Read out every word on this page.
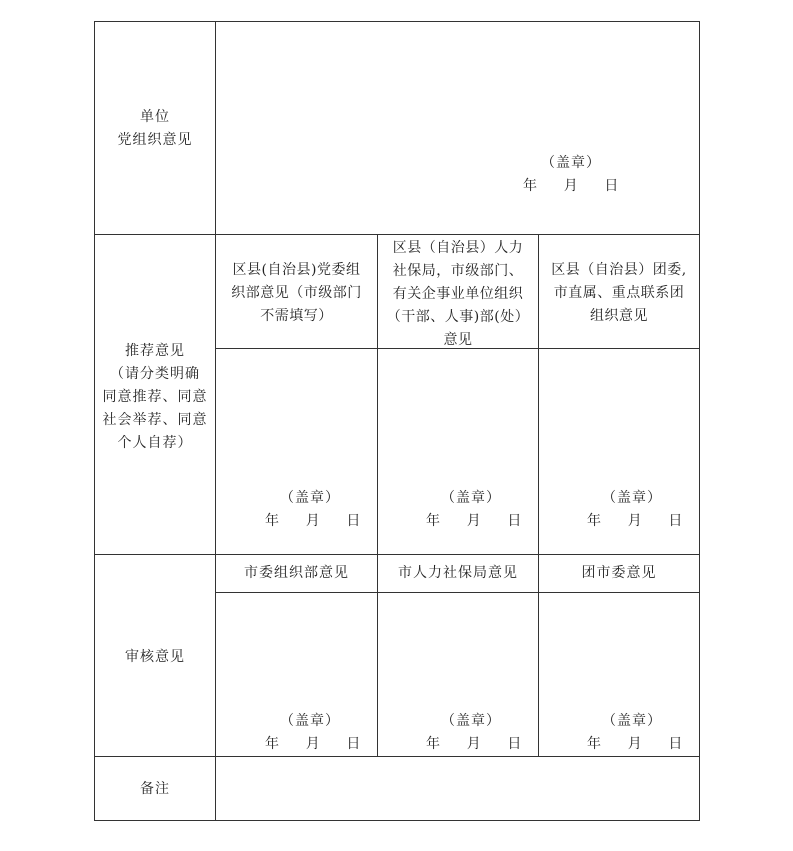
单位
党组织意见
（盖章）
年      月      日
推荐意见
（请分类明确
同意推荐、同意
社会举荐、同意
个人自荐）
区县(自治县)党委组
织部意见（市级部门
不需填写）
区县（自治县）人力
社保局，市级部门、
有关企事业单位组织
（干部、人事)部(处）
意见
区县（自治县）团委,
市直属、重点联系团
组织意见
（盖章）
年      月      日
（盖章）
年      月      日
（盖章）
年      月      日
审核意见
市委组织部意见	市人力社保局意见	团市委意见
（盖章）
年      月      日
（盖章）
年      月      日
（盖章）
年      月      日
备注
